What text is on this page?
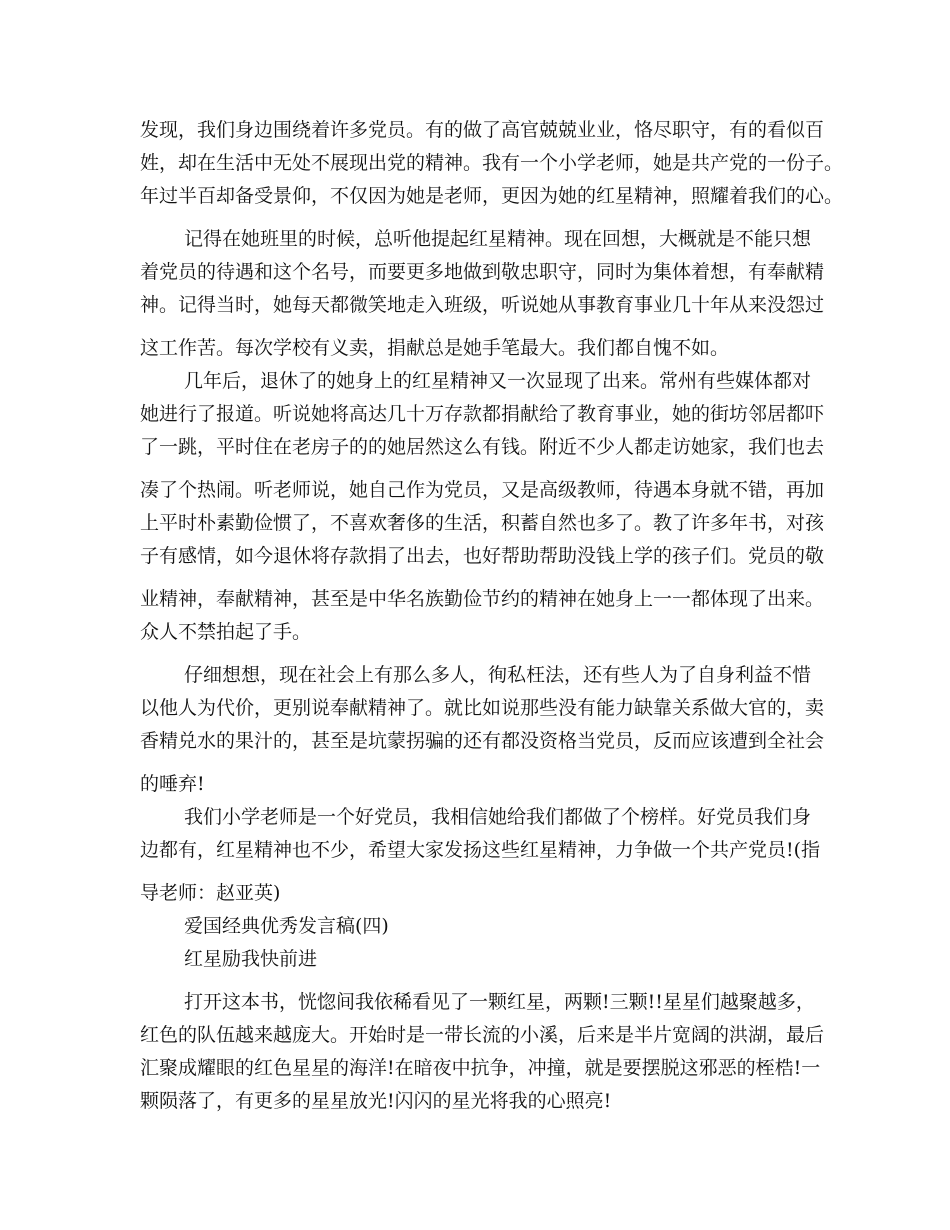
发现，我们身边围绕着许多党员。有的做了高官兢兢业业，恪尽职守，有的看似百
姓，却在生活中无处不展现出党的精神。我有一个小学老师，她是共产党的一份子。
年过半百却备受景仰，不仅因为她是老师，更因为她的红星精神，照耀着我们的心。
记得在她班里的时候，总听他提起红星精神。现在回想，大概就是不能只想
着党员的待遇和这个名号，而要更多地做到敬忠职守，同时为集体着想，有奉献精
神。记得当时，她每天都微笑地走入班级，听说她从事教育事业几十年从来没怨过
这工作苦。每次学校有义卖，捐献总是她手笔最大。我们都自愧不如。
几年后，退休了的她身上的红星精神又一次显现了出来。常州有些媒体都对
她进行了报道。听说她将高达几十万存款都捐献给了教育事业，她的街坊邻居都吓
了一跳，平时住在老房子的的她居然这么有钱。附近不少人都走访她家，我们也去
凑了个热闹。听老师说，她自己作为党员，又是高级教师，待遇本身就不错，再加
上平时朴素勤俭惯了，不喜欢奢侈的生活，积蓄自然也多了。教了许多年书，对孩
子有感情，如今退休将存款捐了出去，也好帮助帮助没钱上学的孩子们。党员的敬
业精神，奉献精神，甚至是中华名族勤俭节约的精神在她身上一一都体现了出来。
众人不禁拍起了手。
仔细想想，现在社会上有那么多人，徇私枉法，还有些人为了自身利益不惜
以他人为代价，更别说奉献精神了。就比如说那些没有能力缺靠关系做大官的，卖
香精兑水的果汁的，甚至是坑蒙拐骗的还有都没资格当党员，反而应该遭到全社会
的唾弃!
我们小学老师是一个好党员，我相信她给我们都做了个榜样。好党员我们身
边都有，红星精神也不少，希望大家发扬这些红星精神，力争做一个共产党员!(指
导老师：赵亚英)
爱国经典优秀发言稿(四)
红星励我快前进
打开这本书，恍惚间我依稀看见了一颗红星，两颗!三颗!!星星们越聚越多，
红色的队伍越来越庞大。开始时是一带长流的小溪，后来是半片宽阔的洪湖，最后
汇聚成耀眼的红色星星的海洋!在暗夜中抗争，冲撞，就是要摆脱这邪恶的桎梏!一
颗陨落了，有更多的星星放光!闪闪的星光将我的心照亮!
